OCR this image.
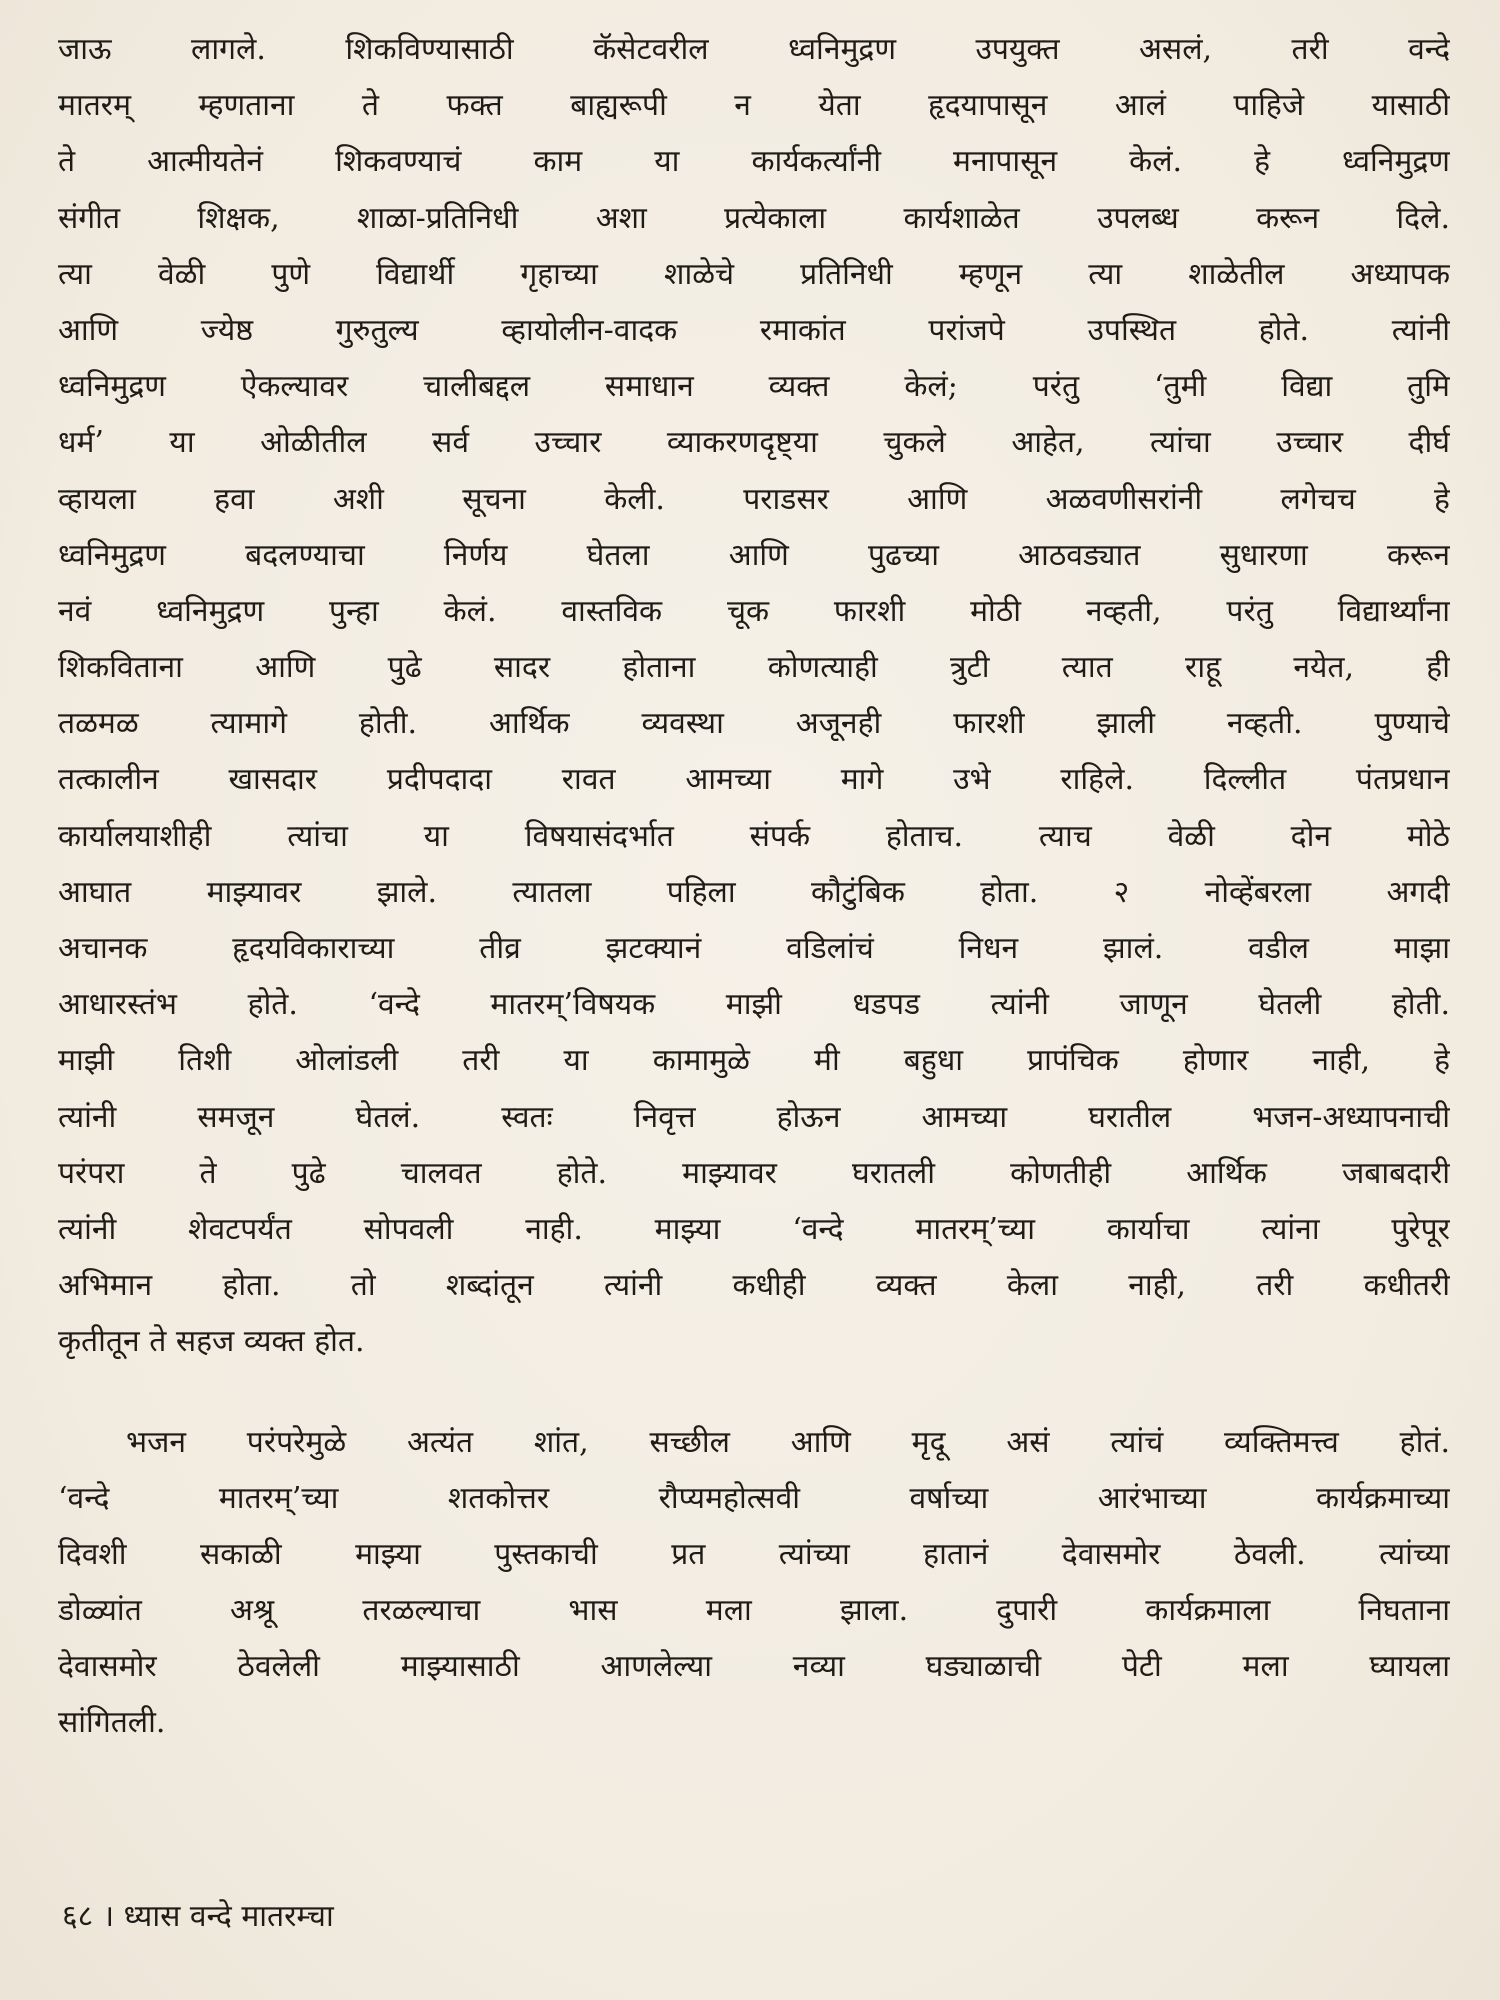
जाऊ लागले. शिकविण्यासाठी कॅसेटवरील ध्वनिमुद्रण उपयुक्त असलं, तरी वन्दे
मातरम् म्हणताना ते फक्त बाह्यरूपी न येता हृदयापासून आलं पाहिजे यासाठी
ते आत्मीयतेनं शिकवण्याचं काम या कार्यकर्त्यांनी मनापासून केलं. हे ध्वनिमुद्रण
संगीत शिक्षक, शाळा-प्रतिनिधी अशा प्रत्येकाला कार्यशाळेत उपलब्ध करून दिले.
त्या वेळी पुणे विद्यार्थी गृहाच्या शाळेचे प्रतिनिधी म्हणून त्या शाळेतील अध्यापक
आणि ज्येष्ठ गुरुतुल्य व्हायोलीन-वादक रमाकांत परांजपे उपस्थित होते. त्यांनी
ध्वनिमुद्रण ऐकल्यावर चालीबद्दल समाधान व्यक्त केलं; परंतु ‘तुमी विद्या तुमि
धर्म’ या ओळीतील सर्व उच्चार व्याकरणदृष्ट्या चुकले आहेत, त्यांचा उच्चार दीर्घ
व्हायला हवा अशी सूचना केली. पराडसर आणि अळवणीसरांनी लगेचच हे
ध्वनिमुद्रण बदलण्याचा निर्णय घेतला आणि पुढच्या आठवड्यात सुधारणा करून
नवं ध्वनिमुद्रण पुन्हा केलं. वास्तविक चूक फारशी मोठी नव्हती, परंतु विद्यार्थ्यांना
शिकविताना आणि पुढे सादर होताना कोणत्याही त्रुटी त्यात राहू नयेत, ही
तळमळ त्यामागे होती. आर्थिक व्यवस्था अजूनही फारशी झाली नव्हती. पुण्याचे
तत्कालीन खासदार प्रदीपदादा रावत आमच्या मागे उभे राहिले. दिल्लीत पंतप्रधान
कार्यालयाशीही त्यांचा या विषयासंदर्भात संपर्क होताच. त्याच वेळी दोन मोठे
आघात माझ्यावर झाले. त्यातला पहिला कौटुंबिक होता. २ नोव्हेंबरला अगदी
अचानक हृदयविकाराच्या तीव्र झटक्यानं वडिलांचं निधन झालं. वडील माझा
आधारस्तंभ होते. ‘वन्दे मातरम्’विषयक माझी धडपड त्यांनी जाणून घेतली होती.
माझी तिशी ओलांडली तरी या कामामुळे मी बहुधा प्रापंचिक होणार नाही, हे
त्यांनी समजून घेतलं. स्वतः निवृत्त होऊन आमच्या घरातील भजन-अध्यापनाची
परंपरा ते पुढे चालवत होते. माझ्यावर घरातली कोणतीही आर्थिक जबाबदारी
त्यांनी शेवटपर्यंत सोपवली नाही. माझ्या ‘वन्दे मातरम्’च्या कार्याचा त्यांना पुरेपूर
अभिमान होता. तो शब्दांतून त्यांनी कधीही व्यक्त केला नाही, तरी कधीतरी
कृतीतून ते सहज व्यक्त होत.
भजन परंपरेमुळे अत्यंत शांत, सच्छील आणि मृदू असं त्यांचं व्यक्तिमत्त्व होतं.
‘वन्दे मातरम्’च्या शतकोत्तर रौप्यमहोत्सवी वर्षाच्या आरंभाच्या कार्यक्रमाच्या
दिवशी सकाळी माझ्या पुस्तकाची प्रत त्यांच्या हातानं देवासमोर ठेवली. त्यांच्या
डोळ्यांत अश्रू तरळल्याचा भास मला झाला. दुपारी कार्यक्रमाला निघताना
देवासमोर ठेवलेली माझ्यासाठी आणलेल्या नव्या घड्याळाची पेटी मला घ्यायला
सांगितली.
६८ । ध्यास वन्दे मातरम्चा
